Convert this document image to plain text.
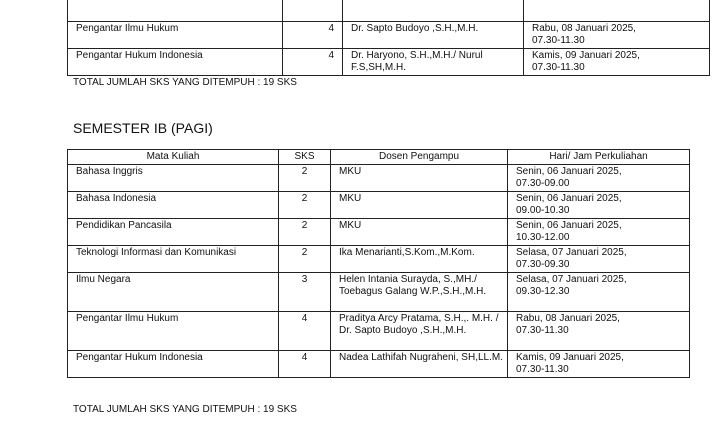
Pengantar Ilmu Hukum	4	Dr. Sapto Budoyo ,S.H.,M.H.	Rabu, 08 Januari 2025,
07.30-11.30
Pengantar Hukum Indonesia	4	Dr. Haryono, S.H.,M.H./ Nurul F.S,SH,M.H.	Kamis, 09 Januari 2025,
07.30-11.30
TOTAL JUMLAH SKS YANG DITEMPUH : 19 SKS
SEMESTER IB (PAGI)
Mata Kuliah	SKS	Dosen Pengampu	Hari/ Jam Perkuliahan
Bahasa Inggris	2	MKU	Senin, 06 Januari 2025,
07.30-09.00
Bahasa Indonesia	2	MKU	Senin, 06 Januari 2025,
09.00-10.30
Pendidikan Pancasila	2	MKU	Senin, 06 Januari 2025,
10.30-12.00
Teknologi Informasi dan Komunikasi	2	Ika Menarianti,S.Kom.,M.Kom.	Selasa, 07 Januari 2025,
07.30-09.30
Ilmu Negara	3	Helen Intania Surayda, S.,MH./ Toebagus Galang W.P.,S.H.,M.H.	Selasa, 07 Januari 2025,
09.30-12.30
Pengantar Ilmu Hukum	4	Praditya Arcy Pratama, S.H.,. M.H. / Dr. Sapto Budoyo ,S.H.,M.H.	Rabu, 08 Januari 2025,
07.30-11.30
Pengantar Hukum Indonesia	4	Nadea Lathifah Nugraheni, SH,LL.M.	Kamis, 09 Januari 2025,
07.30-11.30
TOTAL JUMLAH SKS YANG DITEMPUH : 19 SKS
